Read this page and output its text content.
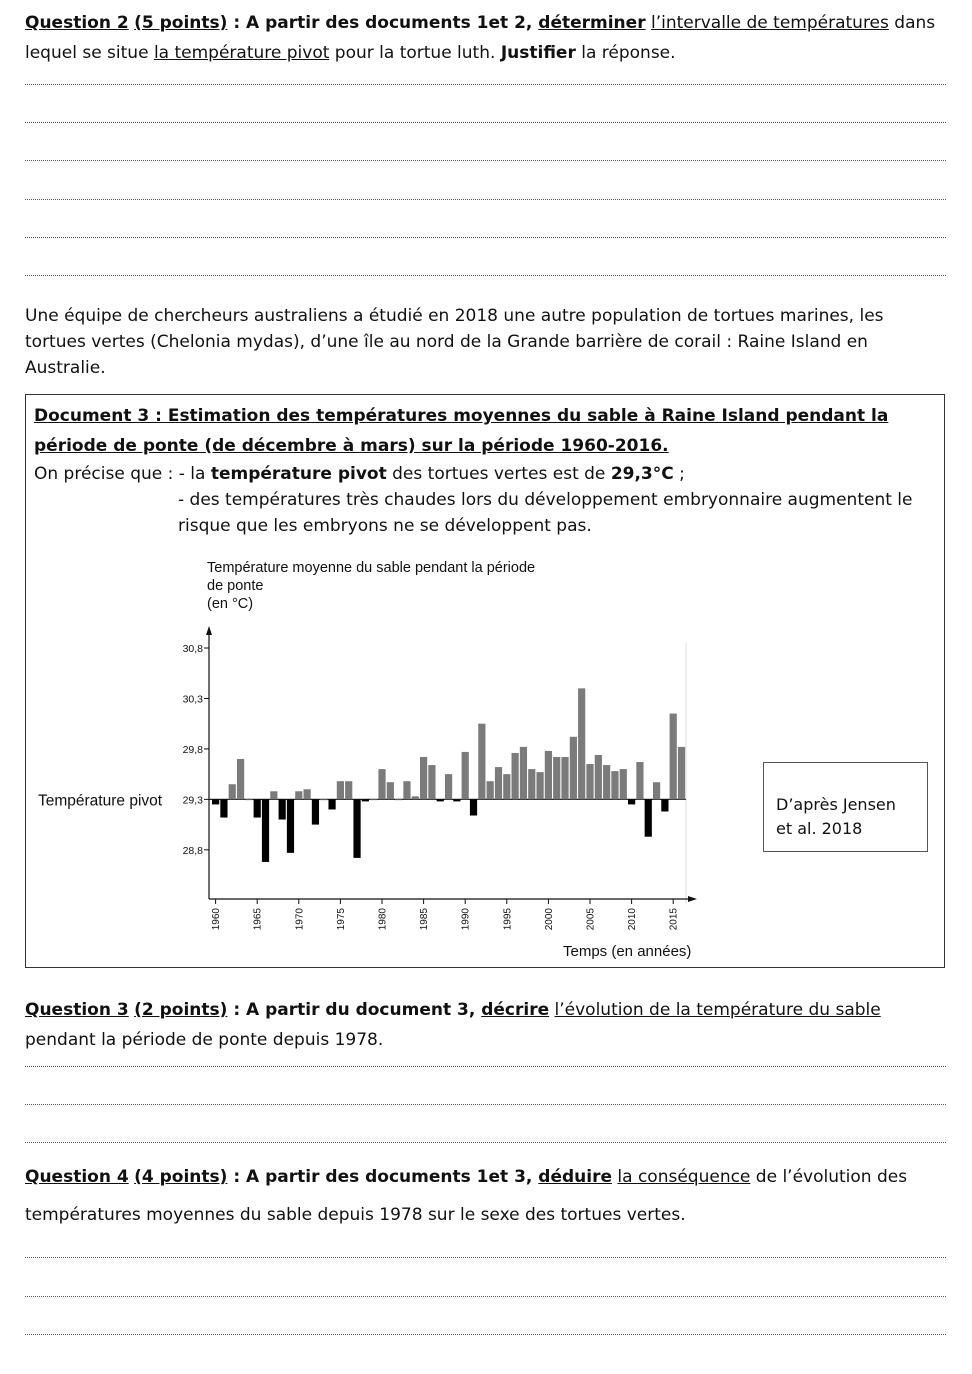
Question 2 (5 points) : A partir des documents 1et 2, déterminer l’intervalle de températures dans lequel se situe la température pivot pour la tortue luth. Justifier la réponse.
Une équipe de chercheurs australiens a étudié en 2018 une autre population de tortues marines, les tortues vertes (Chelonia mydas), d’une île au nord de la Grande barrière de corail : Raine Island en Australie.
Document 3 : Estimation des températures moyennes du sable à Raine Island pendant la période de ponte (de décembre à mars) sur la période 1960-2016.
On précise que : - la température pivot des tortues vertes est de 29,3°C ;
- des températures très chaudes lors du développement embryonnaire augmentent le risque que les embryons ne se développent pas.
Température moyenne du sable pendant la période
de ponte
(en °C)
30,8
30,3
29,8
29,3
28,8
Température pivot
1960	1965	1970	1975	1980	1985	1990	1995	2000	2005	2010	2015
Temps (en années)
D’après Jensen et al. 2018
Question 3 (2 points) : A partir du document 3, décrire l’évolution de la température du sable pendant la période de ponte depuis 1978.
Question 4 (4 points) : A partir des documents 1et 3, déduire la conséquence de l’évolution des
températures moyennes du sable depuis 1978 sur le sexe des tortues vertes.
